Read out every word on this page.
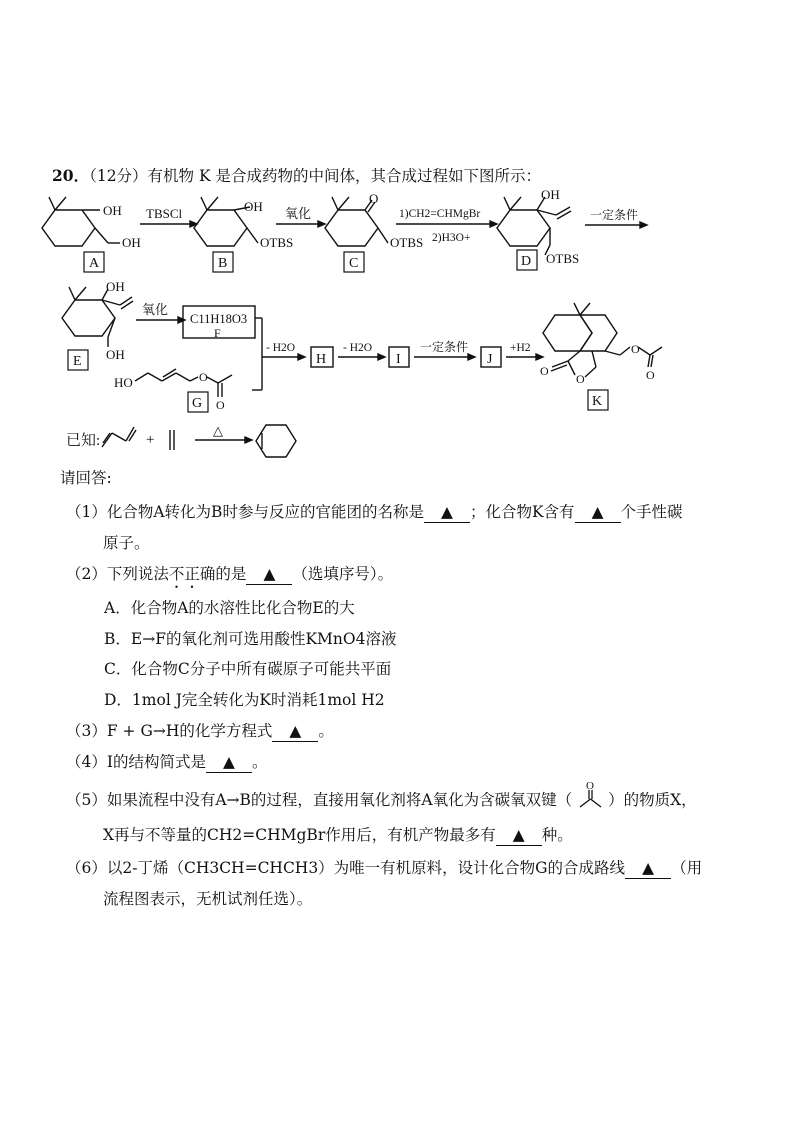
20．（12分）有机物 K 是合成药物的中间体，其合成过程如下图所示：
OH
OH
TBSCl	OH
OTBS
氧化
O
OTBS
1)CH2=CHMgBr
2)H3O+
OH
OTBS
一定条件
OH
OH
氧化
C11H18O3
F
HO	O
O
- H2O
H
- H2O
I
一定条件
J
+H2
O
O
O
O
已知:	+
△
A	B	C	D
E
G	K
请回答:
（1）化合物A转化为B时参与反应的官能团的名称是 ▲ ；化合物K含有 ▲ 个手性碳
原子。
（2）下列说法不正确的是 ▲ （选填序号）。
A．化合物A的水溶性比化合物E的大
B．E→F的氧化剂可选用酸性KMnO4溶液
C．化合物C分子中所有碳原子可能共平面
D．1mol J完全转化为K时消耗1mol H2
（3）F + G→H的化学方程式 ▲ 。
（4）I的结构简式是 ▲ 。
（5）如果流程中没有A→B的过程，直接用氧化剂将A氧化为含碳氧双键（
O
）的物质X，
X再与不等量的CH2=CHMgBr作用后，有机产物最多有 ▲ 种。
（6）以2-丁烯（CH3CH=CHCH3）为唯一有机原料，设计化合物G的合成路线 ▲ （用
流程图表示，无机试剂任选）。
